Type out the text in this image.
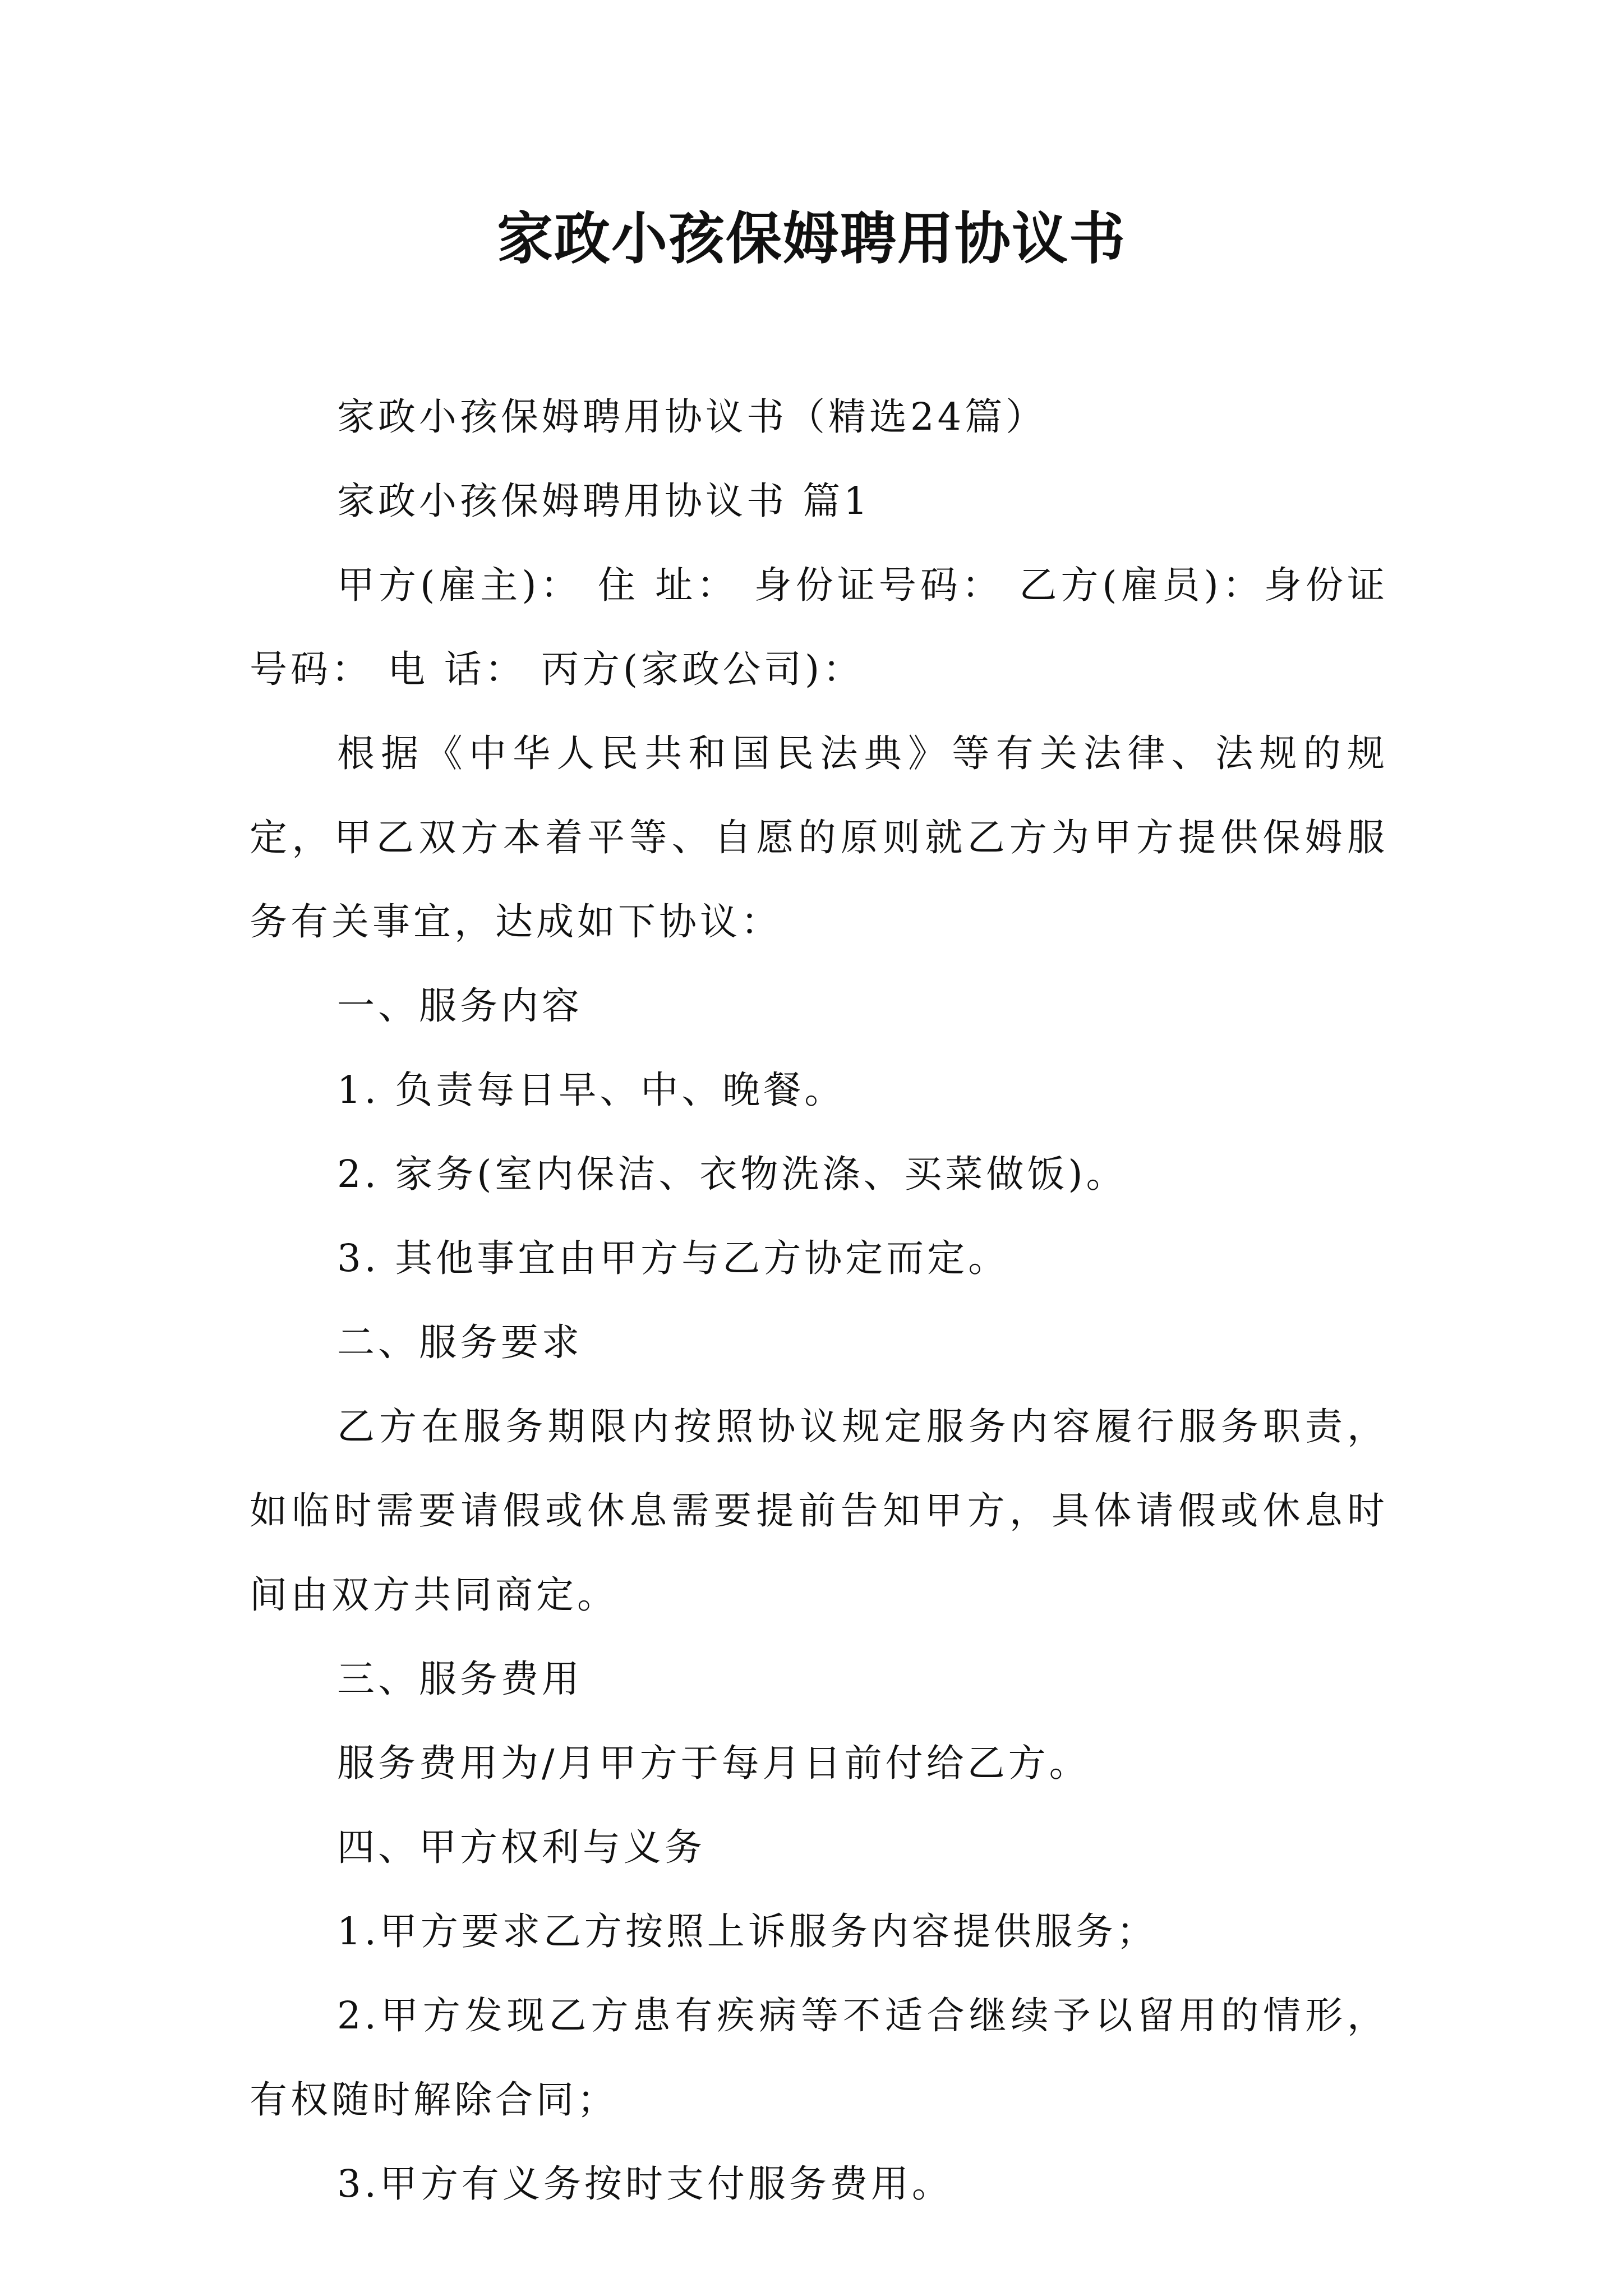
家政小孩保姆聘用协议书

家政小孩保姆聘用协议书（精选24篇）

家政小孩保姆聘用协议书 篇1

甲方(雇主)： 住 址： 身份证号码： 乙方(雇员)：身份证号码： 电 话： 丙方(家政公司)：

根据《中华人民共和国民法典》等有关法律、法规的规定，甲乙双方本着平等、自愿的原则就乙方为甲方提供保姆服务有关事宜，达成如下协议：

一、服务内容

1. 负责每日早、中、晚餐。

2. 家务(室内保洁、衣物洗涤、买菜做饭)。

3. 其他事宜由甲方与乙方协定而定。

二、服务要求

乙方在服务期限内按照协议规定服务内容履行服务职责，如临时需要请假或休息需要提前告知甲方，具体请假或休息时间由双方共同商定。

三、服务费用

服务费用为/月甲方于每月日前付给乙方。

四、甲方权利与义务

1.甲方要求乙方按照上诉服务内容提供服务；

2.甲方发现乙方患有疾病等不适合继续予以留用的情形，有权随时解除合同；

3.甲方有义务按时支付服务费用。
